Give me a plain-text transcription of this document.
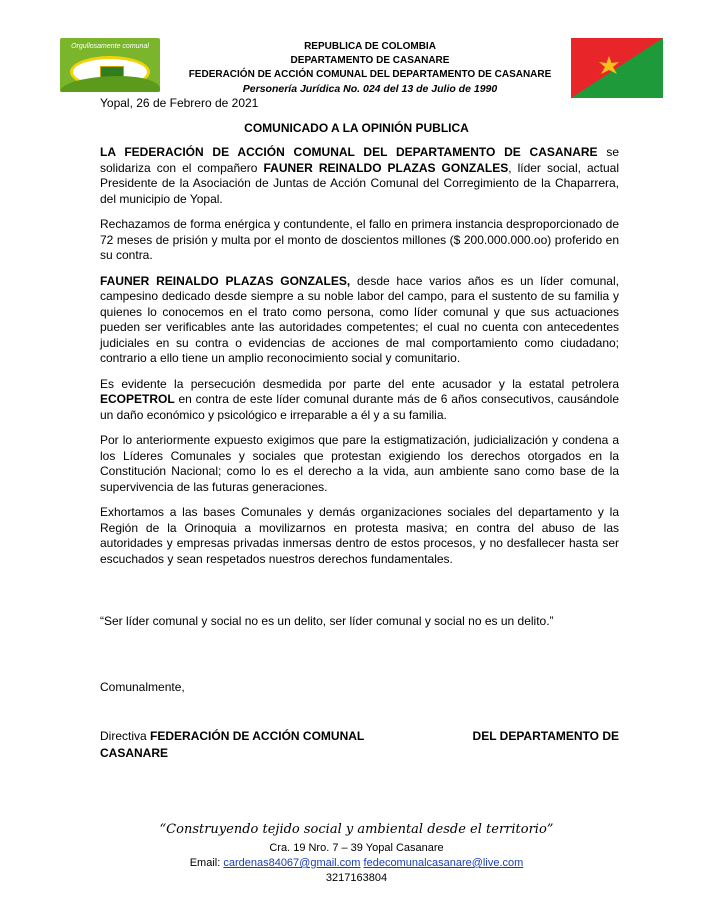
Orgullosamente comunal	REPUBLICA DE COLOMBIA
DEPARTAMENTO DE CASANARE
FEDERACIÓN DE ACCIÓN COMUNAL DEL DEPARTAMENTO DE CASANARE
Personería Jurídica No. 024 del 13 de Julio de 1990
Yopal, 26 de Febrero de 2021
COMUNICADO A LA OPINIÓN PUBLICA

LA FEDERACIÓN DE ACCIÓN COMUNAL DEL DEPARTAMENTO DE CASANARE se solidariza con el compañero FAUNER REINALDO PLAZAS GONZALES, líder social, actual Presidente de la Asociación de Juntas de Acción Comunal del Corregimiento de la Chaparrera, del municipio de Yopal.

Rechazamos de forma enérgica y contundente, el fallo en primera instancia desproporcionado de 72 meses de prisión y multa por el monto de doscientos millones ($ 200.000.000.oo) proferido en su contra.

FAUNER REINALDO PLAZAS GONZALES, desde hace varios años es un líder comunal, campesino dedicado desde siempre a su noble labor del campo, para el sustento de su familia y quienes lo conocemos en el trato como persona, como líder comunal y que sus actuaciones pueden ser verificables ante las autoridades competentes; el cual no cuenta con antecedentes judiciales en su contra o evidencias de acciones de mal comportamiento como ciudadano; contrario a ello tiene un amplio reconocimiento social y comunitario.

Es evidente la persecución desmedida por parte del ente acusador y la estatal petrolera ECOPETROL en contra de este líder comunal durante más de 6 años consecutivos, causándole un daño económico y psicológico e irreparable a él y a su familia.

Por lo anteriormente expuesto exigimos que pare la estigmatización, judicialización y condena a los Líderes Comunales y sociales que protestan exigiendo los derechos otorgados en la Constitución Nacional; como lo es el derecho a la vida, aun ambiente sano como base de la supervivencia de las futuras generaciones.

Exhortamos a las bases Comunales y demás organizaciones sociales del departamento y la Región de la Orinoquia a movilizarnos en protesta masiva; en contra del abuso de las autoridades y empresas privadas inmersas dentro de estos procesos, y no desfallecer hasta ser escuchados y sean respetados nuestros derechos fundamentales.

“Ser líder comunal y social no es un delito, ser líder comunal y social no es un delito.”
Comunalmente,
Directiva FEDERACIÓN DE ACCIÓN COMUNAL	DEL DEPARTAMENTO DE
CASANARE
“Construyendo tejido social y ambiental desde el territorio”
Cra. 19 Nro. 7 – 39 Yopal Casanare
Email: cardenas84067@gmail.com fedecomunalcasanare@live.com
3217163804
